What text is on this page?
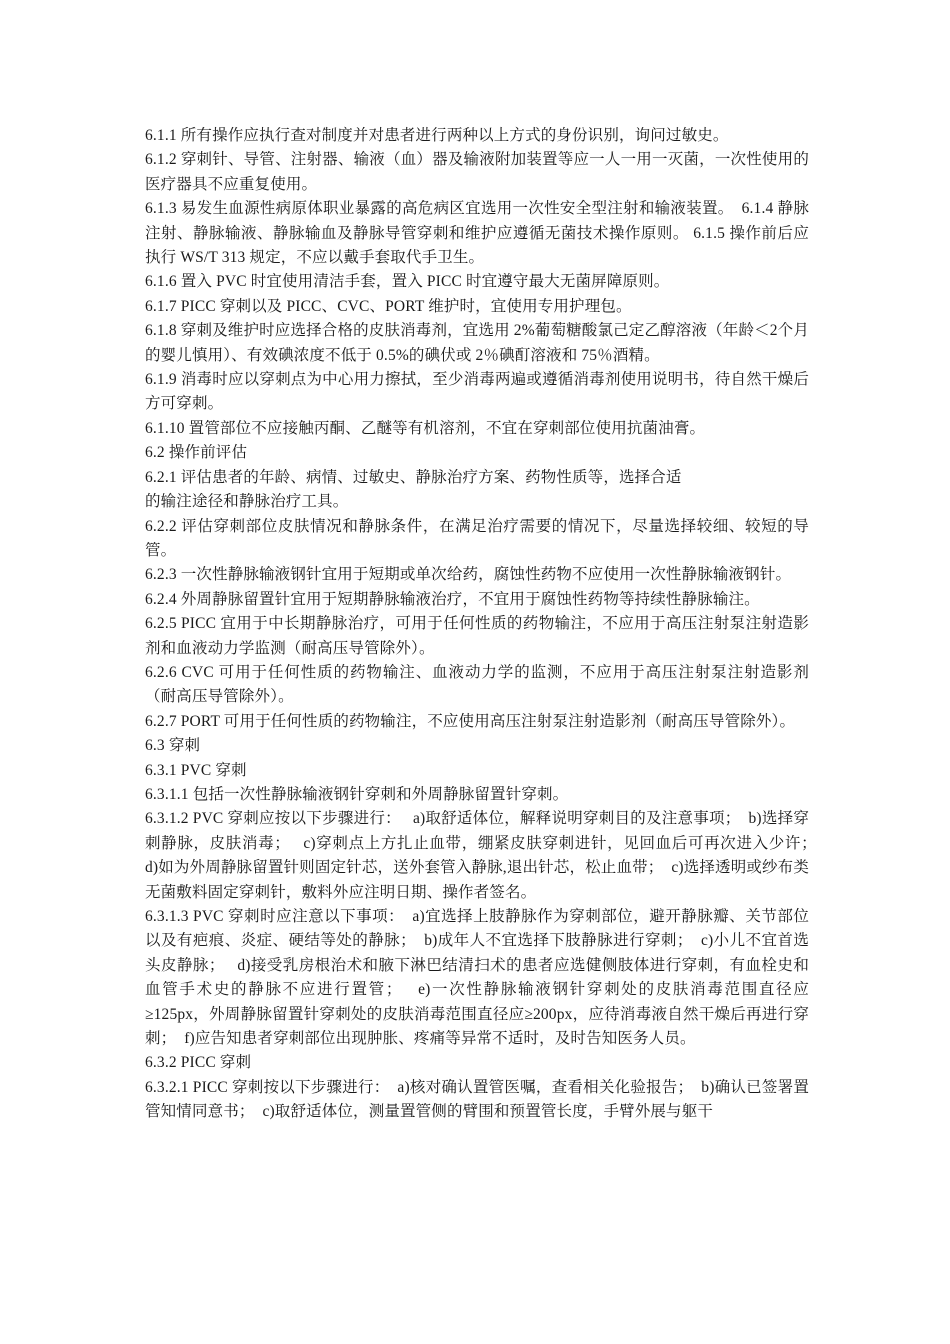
6.1.1 所有操作应执行查对制度并对患者进行两种以上方式的身份识别，询问过敏史。

6.1.2 穿刺针、导管、注射器、输液（血）器及输液附加装置等应一人一用一灭菌，一次性使用的医疗器具不应重复使用。

6.1.3 易发生血源性病原体职业暴露的高危病区宜选用一次性安全型注射和输液装置。　6.1.4 静脉注射、静脉输液、静脉输血及静脉导管穿刺和维护应遵循无菌技术操作原则。 6.1.5 操作前后应执行 WS/T 313 规定，不应以戴手套取代手卫生。

6.1.6 置入 PVC 时宜使用清洁手套，置入 PICC 时宜遵守最大无菌屏障原则。

6.1.7 PICC 穿刺以及 PICC、CVC、PORT 维护时，宜使用专用护理包。

6.1.8 穿刺及维护时应选择合格的皮肤消毒剂，宜选用 2%葡萄糖酸氯己定乙醇溶液（年龄＜2个月的婴儿慎用）、有效碘浓度不低于 0.5%的碘伏或 2％碘酊溶液和 75％酒精。

6.1.9 消毒时应以穿刺点为中心用力擦拭，至少消毒两遍或遵循消毒剂使用说明书，待自然干燥后方可穿刺。

6.1.10 置管部位不应接触丙酮、乙醚等有机溶剂，不宜在穿刺部位使用抗菌油膏。

6.2 操作前评估

6.2.1 评估患者的年龄、病情、过敏史、静脉治疗方案、药物性质等，选择合适

的输注途径和静脉治疗工具。

6.2.2 评估穿刺部位皮肤情况和静脉条件，在满足治疗需要的情况下，尽量选择较细、较短的导管。

6.2.3 一次性静脉输液钢针宜用于短期或单次给药，腐蚀性药物不应使用一次性静脉输液钢针。

6.2.4 外周静脉留置针宜用于短期静脉输液治疗，不宜用于腐蚀性药物等持续性静脉输注。

6.2.5 PICC 宜用于中长期静脉治疗，可用于任何性质的药物输注，不应用于高压注射泵注射造影剂和血液动力学监测（耐高压导管除外）。

6.2.6 CVC 可用于任何性质的药物输注、血液动力学的监测，不应用于高压注射泵注射造影剂（耐高压导管除外）。

6.2.7 PORT 可用于任何性质的药物输注，不应使用高压注射泵注射造影剂（耐高压导管除外）。

6.3 穿刺

6.3.1 PVC 穿刺

6.3.1.1 包括一次性静脉输液钢针穿刺和外周静脉留置针穿刺。

6.3.1.2 PVC 穿刺应按以下步骤进行：　 a)取舒适体位，解释说明穿刺目的及注意事项；　b)选择穿刺静脉，皮肤消毒；　 c)穿刺点上方扎止血带，绷紧皮肤穿刺进针，见回血后可再次进入少许；　d)如为外周静脉留置针则固定针芯，送外套管入静脉,退出针芯，松止血带；　c)选择透明或纱布类无菌敷料固定穿刺针，敷料外应注明日期、操作者签名。

6.3.1.3 PVC 穿刺时应注意以下事项：　a)宜选择上肢静脉作为穿刺部位，避开静脉瓣、关节部位以及有疤痕、炎症、硬结等处的静脉；　b)成年人不宜选择下肢静脉进行穿刺；　c)小儿不宜首选头皮静脉；　 d)接受乳房根治术和腋下淋巴结清扫术的患者应选健侧肢体进行穿刺，有血栓史和血管手术史的静脉不应进行置管；　 e)一次性静脉输液钢针穿刺处的皮肤消毒范围直径应≥125px，外周静脉留置针穿刺处的皮肤消毒范围直径应≥200px，应待消毒液自然干燥后再进行穿刺；　f)应告知患者穿刺部位出现肿胀、疼痛等异常不适时，及时告知医务人员。

6.3.2 PICC 穿刺

6.3.2.1 PICC 穿刺按以下步骤进行：　a)核对确认置管医嘱，查看相关化验报告；　b)确认已签署置管知情同意书；　c)取舒适体位，测量置管侧的臂围和预置管长度，手臂外展与躯干
